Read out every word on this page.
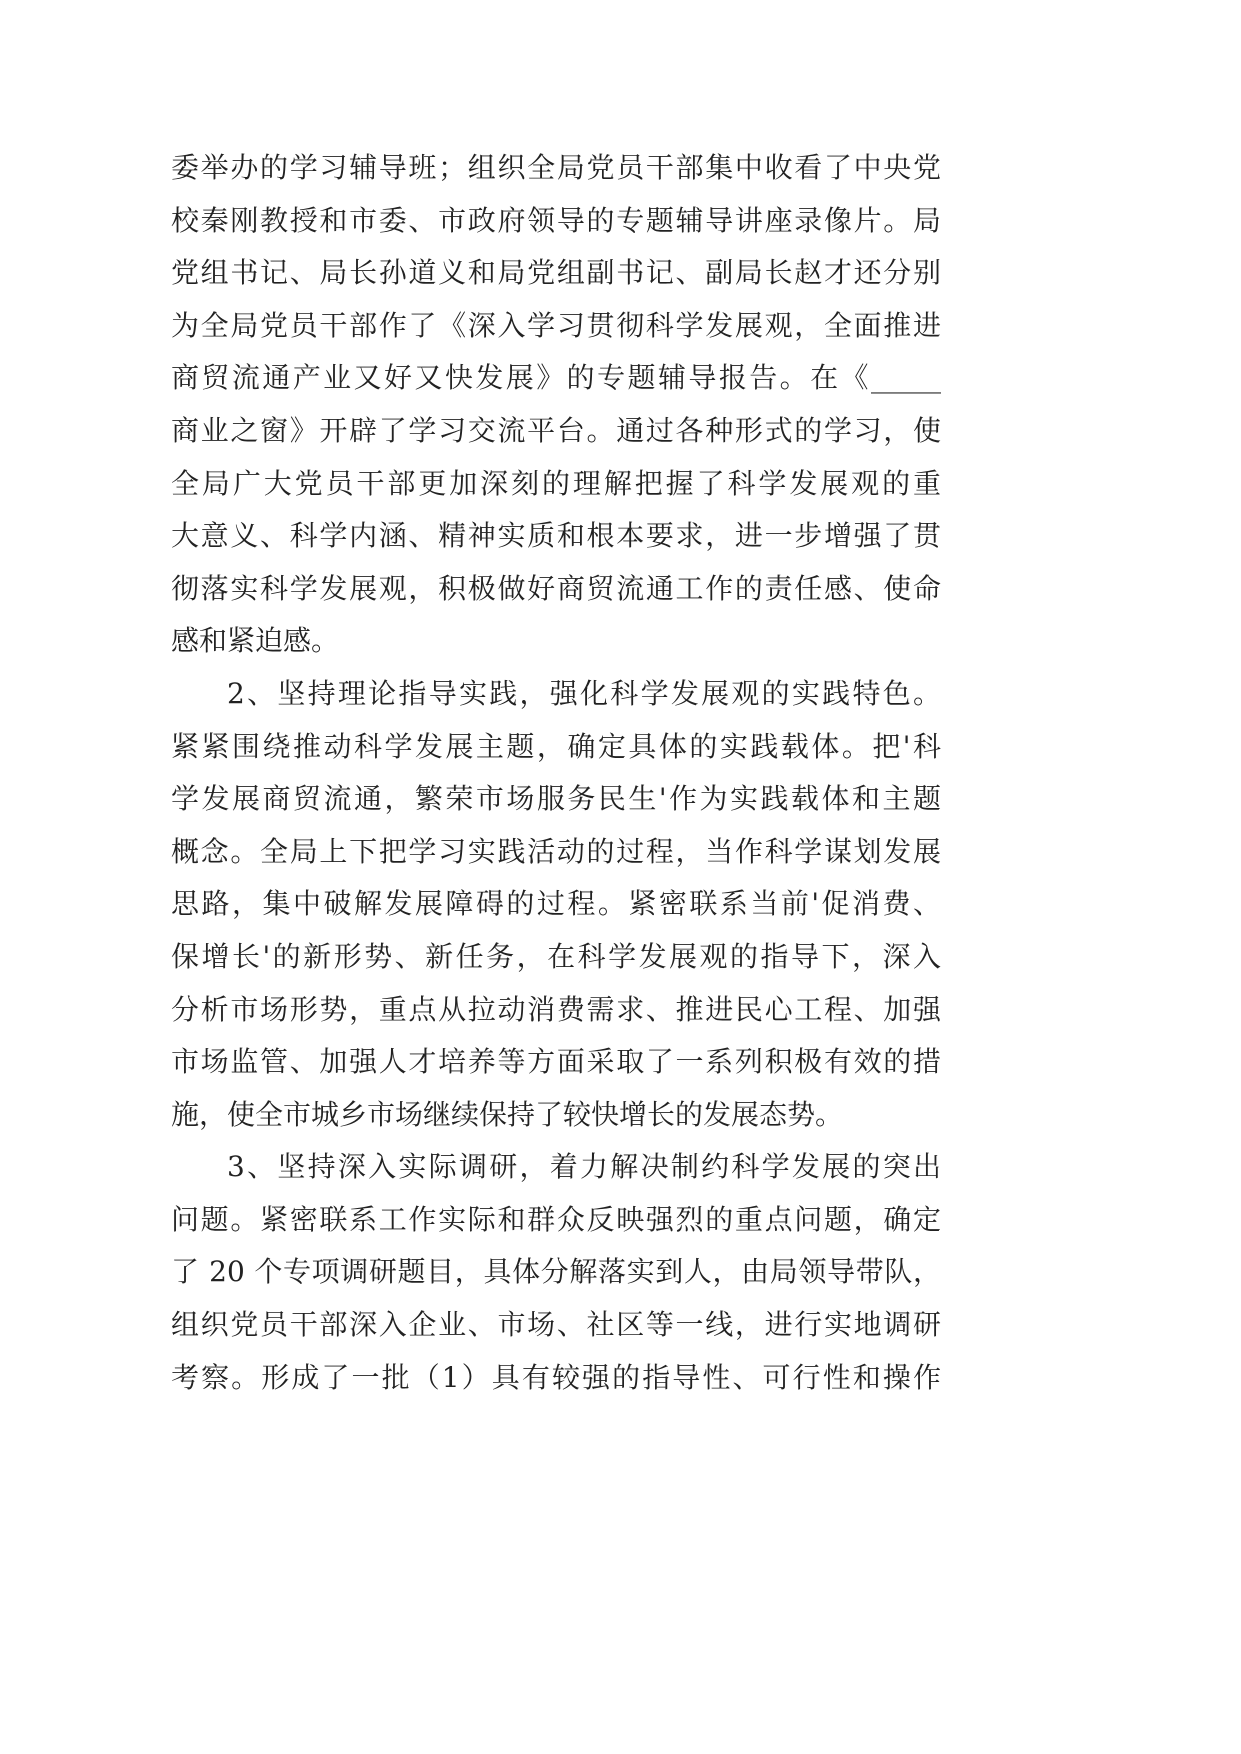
委举办的学习辅导班；组织全局党员干部集中收看了中央党
校秦刚教授和市委、市政府领导的专题辅导讲座录像片。局
党组书记、局长孙道义和局党组副书记、副局长赵才还分别
为全局党员干部作了《深入学习贯彻科学发展观，全面推进
商贸流通产业又好又快发展》的专题辅导报告。在《_____
商业之窗》开辟了学习交流平台。通过各种形式的学习，使
全局广大党员干部更加深刻的理解把握了科学发展观的重
大意义、科学内涵、精神实质和根本要求，进一步增强了贯
彻落实科学发展观，积极做好商贸流通工作的责任感、使命
感和紧迫感。
2、坚持理论指导实践，强化科学发展观的实践特色。
紧紧围绕推动科学发展主题，确定具体的实践载体。把'科
学发展商贸流通，繁荣市场服务民生'作为实践载体和主题
概念。全局上下把学习实践活动的过程，当作科学谋划发展
思路，集中破解发展障碍的过程。紧密联系当前'促消费、
保增长'的新形势、新任务，在科学发展观的指导下，深入
分析市场形势，重点从拉动消费需求、推进民心工程、加强
市场监管、加强人才培养等方面采取了一系列积极有效的措
施，使全市城乡市场继续保持了较快增长的发展态势。
3、坚持深入实际调研，着力解决制约科学发展的突出
问题。紧密联系工作实际和群众反映强烈的重点问题，确定
了 20 个专项调研题目，具体分解落实到人，由局领导带队，
组织党员干部深入企业、市场、社区等一线，进行实地调研
考察。形成了一批（1）具有较强的指导性、可行性和操作
